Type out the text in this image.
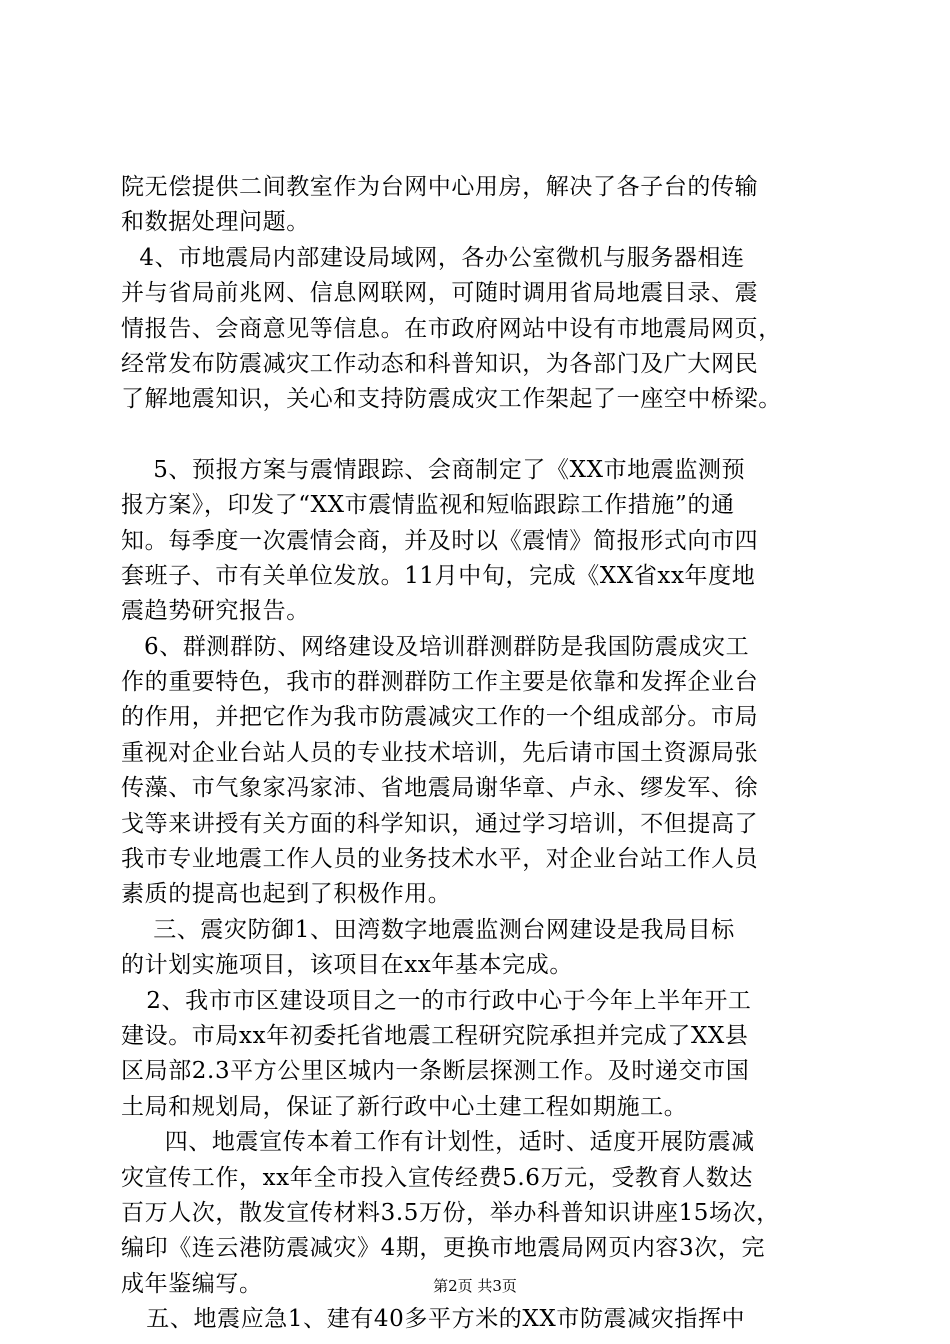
院无偿提供二间教室作为台网中心用房，解决了各子台的传输
和数据处理问题。
4、市地震局内部建设局域网，各办公室微机与服务器相连
并与省局前兆网、信息网联网，可随时调用省局地震目录、震
情报告、会商意见等信息。在市政府网站中设有市地震局网页，
经常发布防震减灾工作动态和科普知识，为各部门及广大网民
了解地震知识，关心和支持防震成灾工作架起了一座空中桥梁。
5、预报方案与震情跟踪、会商制定了《XX市地震监测预
报方案》，印发了“XX市震情监视和短临跟踪工作措施”的通
知。每季度一次震情会商，并及时以《震情》简报形式向市四
套班子、市有关单位发放。11月中旬，完成《XX省xx年度地
震趋势研究报告。
6、群测群防、网络建设及培训群测群防是我国防震成灾工
作的重要特色，我市的群测群防工作主要是依靠和发挥企业台
的作用，并把它作为我市防震减灾工作的一个组成部分。市局
重视对企业台站人员的专业技术培训，先后请市国土资源局张
传藻、市气象家冯家沛、省地震局谢华章、卢永、缪发军、徐
戈等来讲授有关方面的科学知识，通过学习培训，不但提高了
我市专业地震工作人员的业务技术水平，对企业台站工作人员
素质的提高也起到了积极作用。
三、震灾防御1、田湾数字地震监测台网建设是我局目标
的计划实施项目，该项目在xx年基本完成。
2、我市市区建设项目之一的市行政中心于今年上半年开工
建设。市局xx年初委托省地震工程研究院承担并完成了XX县
区局部2.3平方公里区城内一条断层探测工作。及时递交市国
土局和规划局，保证了新行政中心土建工程如期施工。
四、地震宣传本着工作有计划性，适时、适度开展防震减
灾宣传工作，xx年全市投入宣传经费5.6万元，受教育人数达
百万人次，散发宣传材料3.5万份，举办科普知识讲座15场次，
编印《连云港防震减灾》4期，更换市地震局网页内容3次，完
成年鉴编写。
五、地震应急1、建有40多平方米的XX市防震减灾指挥中
第2页 共3页
